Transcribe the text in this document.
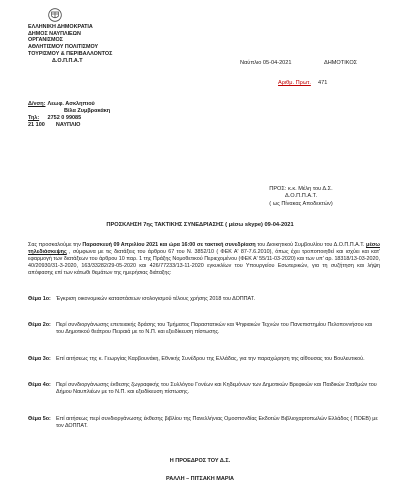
ΕΛΛΗΝΙΚΗ ΔΗΜΟΚΡΑΤΙΑ
ΔΗΜΟΣ ΝΑΥΠΛΙΕΩΝ
ΟΡΓΑΝΙΣΜΟΣ
ΑΘΛΗΤΙΣΜΟΥ ΠΟΛΙΤΙΣΜΟΥ
ΤΟΥΡΙΣΜΟΥ & ΠΕΡΙΒΑΛΛΟΝΤΟΣ
Δ.Ο.Π.Π.Α.Τ
Δ/νση: Λεωφ. Ασκληπιού
Βίλα Ζυμβρακάκη
Τηλ: 2752 0 99085
21 100 ΝΑΥΠΛΙΟ
Ναύπλιο 05-04-2021	ΔΗΜΟΤΙΚΟΣ
Αριθμ. Πρωτ. 471
ΠΡΟΣ: κ.κ. Μέλη του Δ.Σ.
Δ.Ο.Π.Π.Α.Τ.
( ως Πίνακας Αποδεκτών)
ΠΡΟΣΚΛΗΣΗ 7ης ΤΑΚΤΙΚΗΣ ΣΥΝΕΔΡΙΑΣΗΣ ( μέσω skype) 09-04-2021
Σας προσκαλούμε την Παρασκευή 09 Απριλίου 2021 και ώρα 16:00 σε τακτική συνεδρίαση του Διοικητικού Συμβουλίου του Δ.Ο.Π.Π.Α.Τ. μέσω τηλεδιάσκεψης , σύμφωνα με τις διατάξεις του άρθρου 67 του Ν. 3852/10 ( ΦΕΚ Α' 87-7.6.2010), όπως έχει τροποποιηθεί και ισχύει και κατ' εφαρμογή των διατάξεων του άρθρου 10 παρ. 1 της Πράξης Νομοθετικού Περιεχομένου (ΦΕΚ Α' 55/11-03-2020) και των υπ' αρ. 18318/13-03-2020, 40/20930/31-3-2020, 163/33282/29-05-2020 και 426/77233/13-11-2020 εγκυκλίων του Υπουργείου Εσωτερικών, για τη συζήτηση και λήψη απόφασης επί των κάτωθι θεμάτων της ημερήσιας διάταξης:
Θέμα 1ο: Έγκριση οικονομικών καταστάσεων ισολογισμού τέλους χρήσης 2018 του ΔΟΠΠΑΤ.
Θέμα 2ο: Περί συνδιοργάνωσης επετειακής δράσης του Τμήματος Παραστατικών και Ψηφιακών Τεχνών του Πανεπιστημίου Πελοποννήσου και του Δημοτικού θεάτρου Πειραιά με το Ν.Π. και εξειδίκευση πίστωσης.
Θέμα 3ο: Επί αιτήσεως της κ. Γεωργίας Καρβουνάκη, Εθνικής Συνέδρου της Ελλάδας, για την παραχώρηση της αίθουσας του Βουλευτικού.
Θέμα 4ο: Περί συνδιοργάνωσης έκθεσης ζωγραφικής του Συλλόγου Γονέων και Κηδεμόνων των Δημοτικών Βρεφικών και Παιδικών Σταθμών του Δήμου Ναυπλιέων με το Ν.Π. και εξειδίκευση πίστωσης.
Θέμα 5ο: Επί αιτήσεως περί συνδιοργάνωσης έκθεσης βιβλίου της Πανελλήνιας Ομοσπονδίας Εκδοτών Βιβλιοχαρτοπωλών Ελλάδος ( ΠΟΕΒ) με τον ΔΟΠΠΑΤ.
Η ΠΡΟΕΔΡΟΣ ΤΟΥ Δ.Σ.
ΡΑΛΛΗ – ΠΙΤΣΑΚΗ ΜΑΡΙΑ
